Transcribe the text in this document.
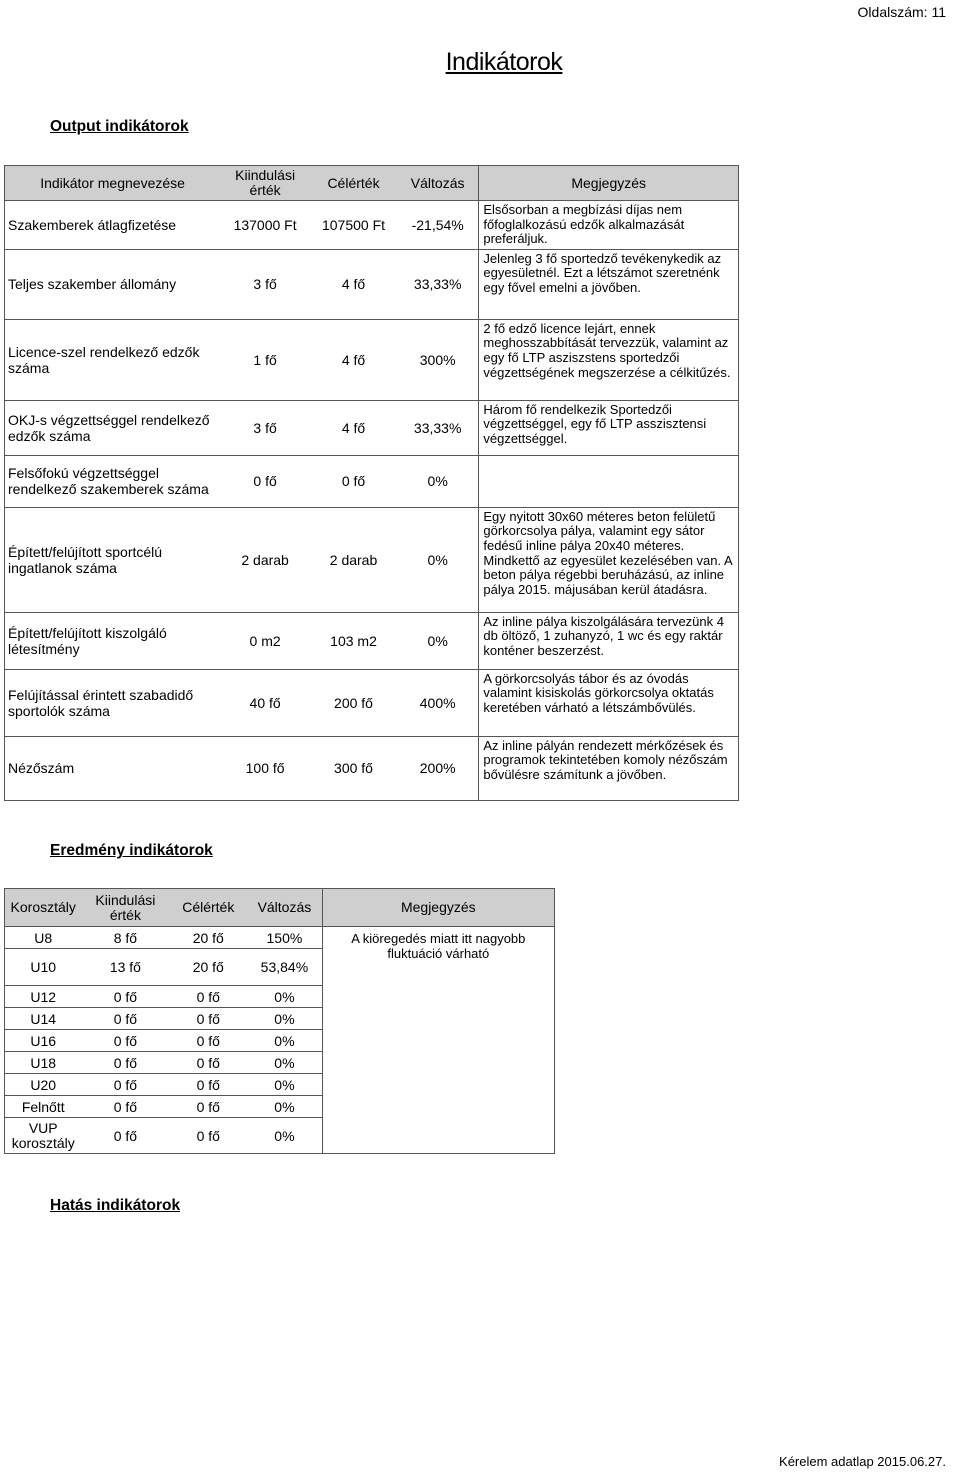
Oldalszám: 11
Indikátorok
Output indikátorok
Indikátor megnevezése	Kiindulási érték	Célérték	Változás	Megjegyzés
Szakemberek átlagfizetése	137000 Ft	107500 Ft	-21,54%	Elsősorban a megbízási díjas nem főfoglalkozású edzők alkalmazását preferáljuk.
Teljes szakember állomány	3 fő	4 fő	33,33%	Jelenleg 3 fő sportedző tevékenykedik az egyesületnél. Ezt a létszámot szeretnénk egy fővel emelni a jövőben.
Licence-szel rendelkező edzők száma	1 fő	4 fő	300%	2 fő edző licence lejárt, ennek meghosszabbítását tervezzük, valamint az egy fő LTP asziszstens sportedzői végzettségének megszerzése a célkitűzés.
OKJ-s végzettséggel rendelkező edzők száma	3 fő	4 fő	33,33%	Három fő rendelkezik Sportedzői végzettséggel, egy fő LTP asszisztensi végzettséggel.
Felsőfokú végzettséggel rendelkező szakemberek száma	0 fő	0 fő	0%	
Épített/felújított sportcélú ingatlanok száma	2 darab	2 darab	0%	Egy nyitott 30x60 méteres beton felületű görkorcsolya pálya, valamint egy sátor fedésű inline pálya 20x40 méteres. Mindkettő az egyesület kezelésében van. A beton pálya régebbi beruházású, az inline pálya 2015. májusában kerül átadásra.
Épített/felújított kiszolgáló létesítmény	0 m2	103 m2	0%	Az inline pálya kiszolgálására tervezünk 4 db öltöző, 1 zuhanyzó, 1 wc és egy raktár konténer beszerzést.
Felújítással érintett szabadidő sportolók száma	40 fő	200 fő	400%	A görkorcsolyás tábor és az óvodás valamint kisiskolás görkorcsolya oktatás keretében várható a létszámbővülés.
Nézőszám	100 fő	300 fő	200%	Az inline pályán rendezett mérkőzések és programok tekintetében komoly nézőszám bővülésre számítunk a jövőben.
Eredmény indikátorok
Korosztály	Kiindulási érték	Célérték	Változás	Megjegyzés
U8	8 fő	20 fő	150%	A kiöregedés miatt itt nagyobb fluktuáció várható
U10	13 fő	20 fő	53,84%	
U12	0 fő	0 fő	0%	
U14	0 fő	0 fő	0%	
U16	0 fő	0 fő	0%	
U18	0 fő	0 fő	0%	
U20	0 fő	0 fő	0%	
Felnőtt	0 fő	0 fő	0%	
VUP korosztály	0 fő	0 fő	0%	
Hatás indikátorok
Kérelem adatlap 2015.06.27.
